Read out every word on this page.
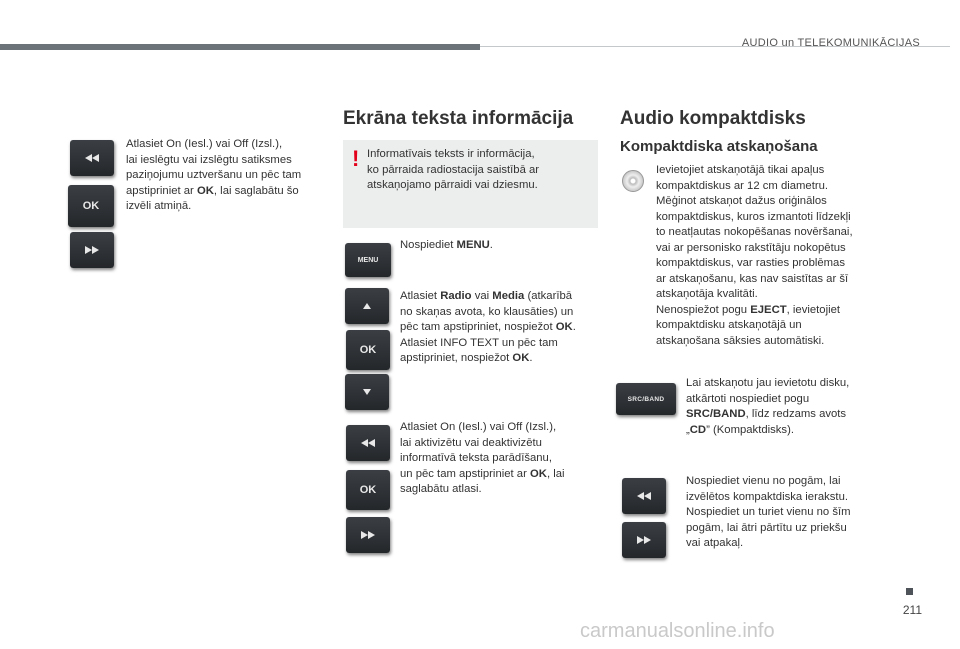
AUDIO un TELEKOMUNIKĀCIJAS
OK
Atlasiet On (Iesl.) vai Off (Izsl.),
lai ieslēgtu vai izslēgtu satiksmes
paziņojumu uztveršanu un pēc tam
apstipriniet ar OK, lai saglabātu šo
izvēli atmiņā.
Ekrāna teksta informācija
! Informatīvais teksts ir informācija,
ko pārraida radiostacija saistībā ar
atskaņojamo pārraidi vai dziesmu.
MENU
Nospiediet MENU.
OK
Atlasiet Radio vai Media (atkarībā
no skaņas avota, ko klausāties) un
pēc tam apstipriniet, nospiežot OK.
Atlasiet INFO TEXT un pēc tam
apstipriniet, nospiežot OK.
OK
Atlasiet On (Iesl.) vai Off (Izsl.),
lai aktivizētu vai deaktivizētu
informatīvā teksta parādīšanu,
un pēc tam apstipriniet ar OK, lai
saglabātu atlasi.
Audio kompaktdisks
Kompaktdiska atskaņošana
Ievietojiet atskaņotājā tikai apaļus
kompaktdiskus ar 12 cm diametru.
Mēģinot atskaņot dažus oriģinālos
kompaktdiskus, kuros izmantoti līdzekļi
to neatļautas nokopēšanas novēršanai,
vai ar personisko rakstītāju nokopētus
kompaktdiskus, var rasties problēmas
ar atskaņošanu, kas nav saistītas ar šī
atskaņotāja kvalitāti.
Nenospiežot pogu EJECT, ievietojiet
kompaktdisku atskaņotājā un
atskaņošana sāksies automātiski.
SRC/BAND
Lai atskaņotu jau ievietotu disku,
atkārtoti nospiediet pogu
SRC/BAND, līdz redzams avots
„CD” (Kompaktdisks).
Nospiediet vienu no pogām, lai
izvēlētos kompaktdiska ierakstu.
Nospiediet un turiet vienu no šīm
pogām, lai ātri pārtītu uz priekšu
vai atpakaļ.
211
carmanualsonline.info
